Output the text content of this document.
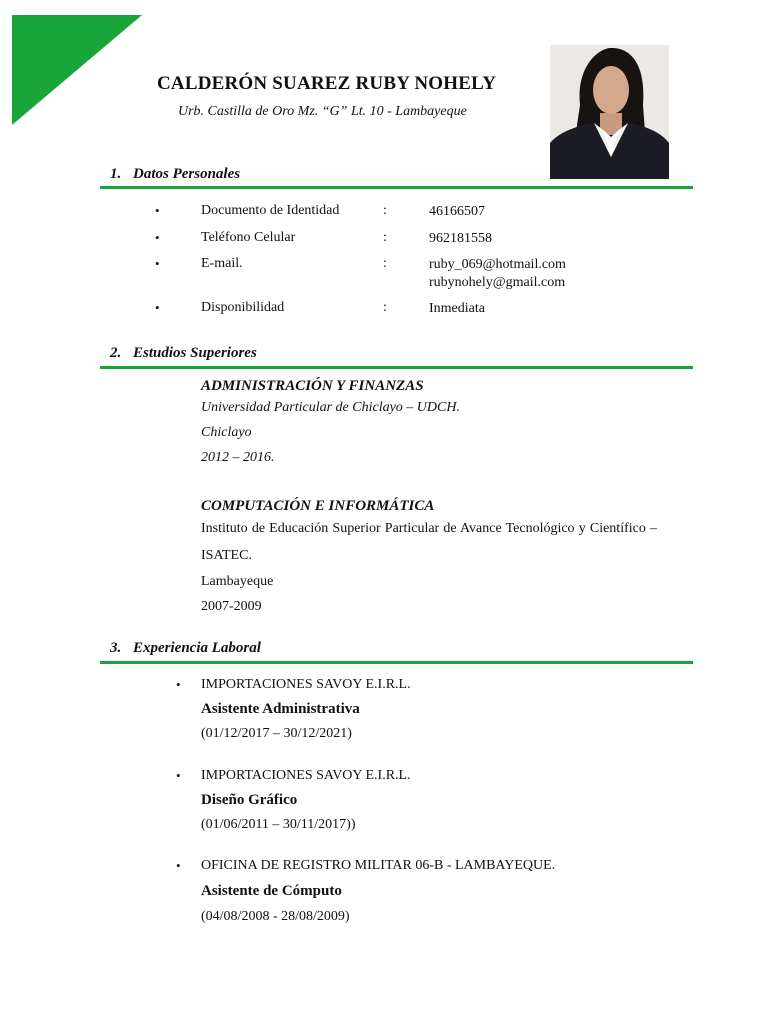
CALDERÓN SUAREZ RUBY NOHELY
Urb. Castilla de Oro Mz. “G” Lt. 10 - Lambayeque
1. Datos Personales
•	Documento de Identidad	:	46166507
•	Teléfono Celular	:	962181558
•	E-mail.	:	ruby_069@hotmail.com
rubynohely@gmail.com
•	Disponibilidad	:	Inmediata
2. Estudios Superiores
ADMINISTRACIÓN Y FINANZAS
Universidad Particular de Chiclayo – UDCH.
Chiclayo
2012 – 2016.
COMPUTACIÓN E INFORMÁTICA
Instituto de Educación Superior Particular de Avance Tecnológico y Científico – ISATEC.
Lambayeque
2007-2009
3. Experiencia Laboral
• IMPORTACIONES SAVOY E.I.R.L.
Asistente Administrativa
(01/12/2017 – 30/12/2021)
• IMPORTACIONES SAVOY E.I.R.L.
Diseño Gráfico
(01/06/2011 – 30/11/2017))
• OFICINA DE REGISTRO MILITAR 06-B - LAMBAYEQUE.
Asistente de Cómputo
(04/08/2008 - 28/08/2009)
